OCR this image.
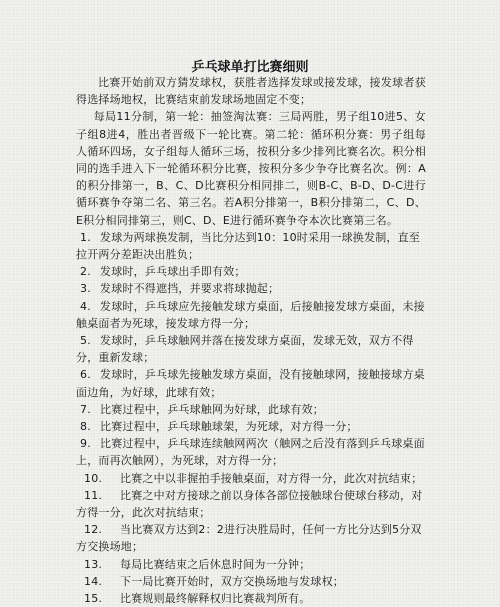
乒乓球单打比赛细则

比赛开始前双方猜发球权，获胜者选择发球或接发球，接发球者获得选择场地权，比赛结束前发球场地固定不变；

每局11分制，第一轮：抽签淘汰赛：三局两胜，男子组10进5、女子组8进4，胜出者晋级下一轮比赛。第二轮：循环积分赛：男子组每人循环四场，女子组每人循环三场，按积分多少排列比赛名次。积分相同的选手进入下一轮循环积分比赛，按积分多少争夺比赛名次。例：A的积分排第一，B、C、D比赛积分相同排二，则B-C、B-D、D-C进行循环赛争夺第二名、第三名。若A积分排第一，B积分排第二，C、D、E积分相同排第三，则C、D、E进行循环赛争夺本次比赛第三名。

1. 发球为两球换发制，当比分达到10：10时采用一球换发制，直至拉开两分差距决出胜负；
2. 发球时，乒乓球出手即有效；
3. 发球时不得遮挡，并要求将球抛起；
4. 发球时，乒乓球应先接触发球方桌面，后接触接发球方桌面，未接触桌面者为死球，接发球方得一分；
5. 发球时，乒乓球触网并落在接发球方桌面，发球无效，双方不得分，重新发球；
6. 发球时，乒乓球先接触发球方桌面，没有接触球网，接触接球方桌面边角，为好球，此球有效；
7. 比赛过程中，乒乓球触网为好球，此球有效；
8. 比赛过程中，乒乓球触球架，为死球，对方得一分；
9. 比赛过程中，乒乓球连续触网两次（触网之后没有落到乒乓球桌面上，而再次触网），为死球，对方得一分；
10. 比赛之中以非握拍手接触桌面，对方得一分，此次对抗结束；
11. 比赛之中对方接球之前以身体各部位接触球台使球台移动，对方得一分，此次对抗结束；
12. 当比赛双方达到2：2进行决胜局时，任何一方比分达到5分双方交换场地；
13. 每局比赛结束之后休息时间为一分钟；
14. 下一局比赛开始时，双方交换场地与发球权；
15. 比赛规则最终解释权归比赛裁判所有。
